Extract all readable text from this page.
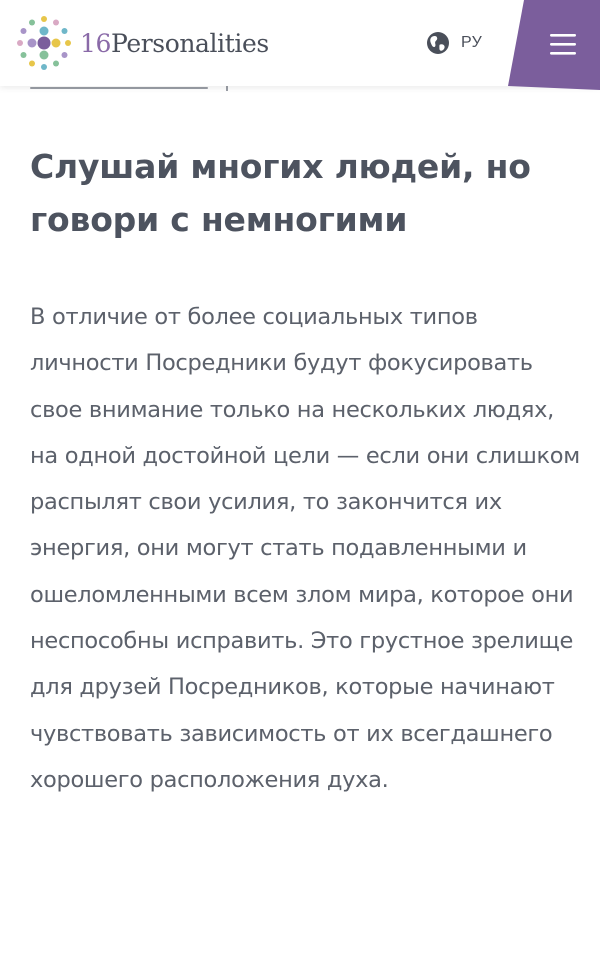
16Personalities	РУ
Слушай многих людей, но говори с немногими

В отличие от более социальных типов личности Посредники будут фокусировать свое внимание только на нескольких людях, на одной достойной цели — если они слишком распылят свои усилия, то закончится их энергия, они могут стать подавленными и ошеломленными всем злом мира, которое они неспособны исправить. Это грустное зрелище для друзей Посредников, которые начинают чувствовать зависимость от их всегдашнего хорошего расположения духа.
